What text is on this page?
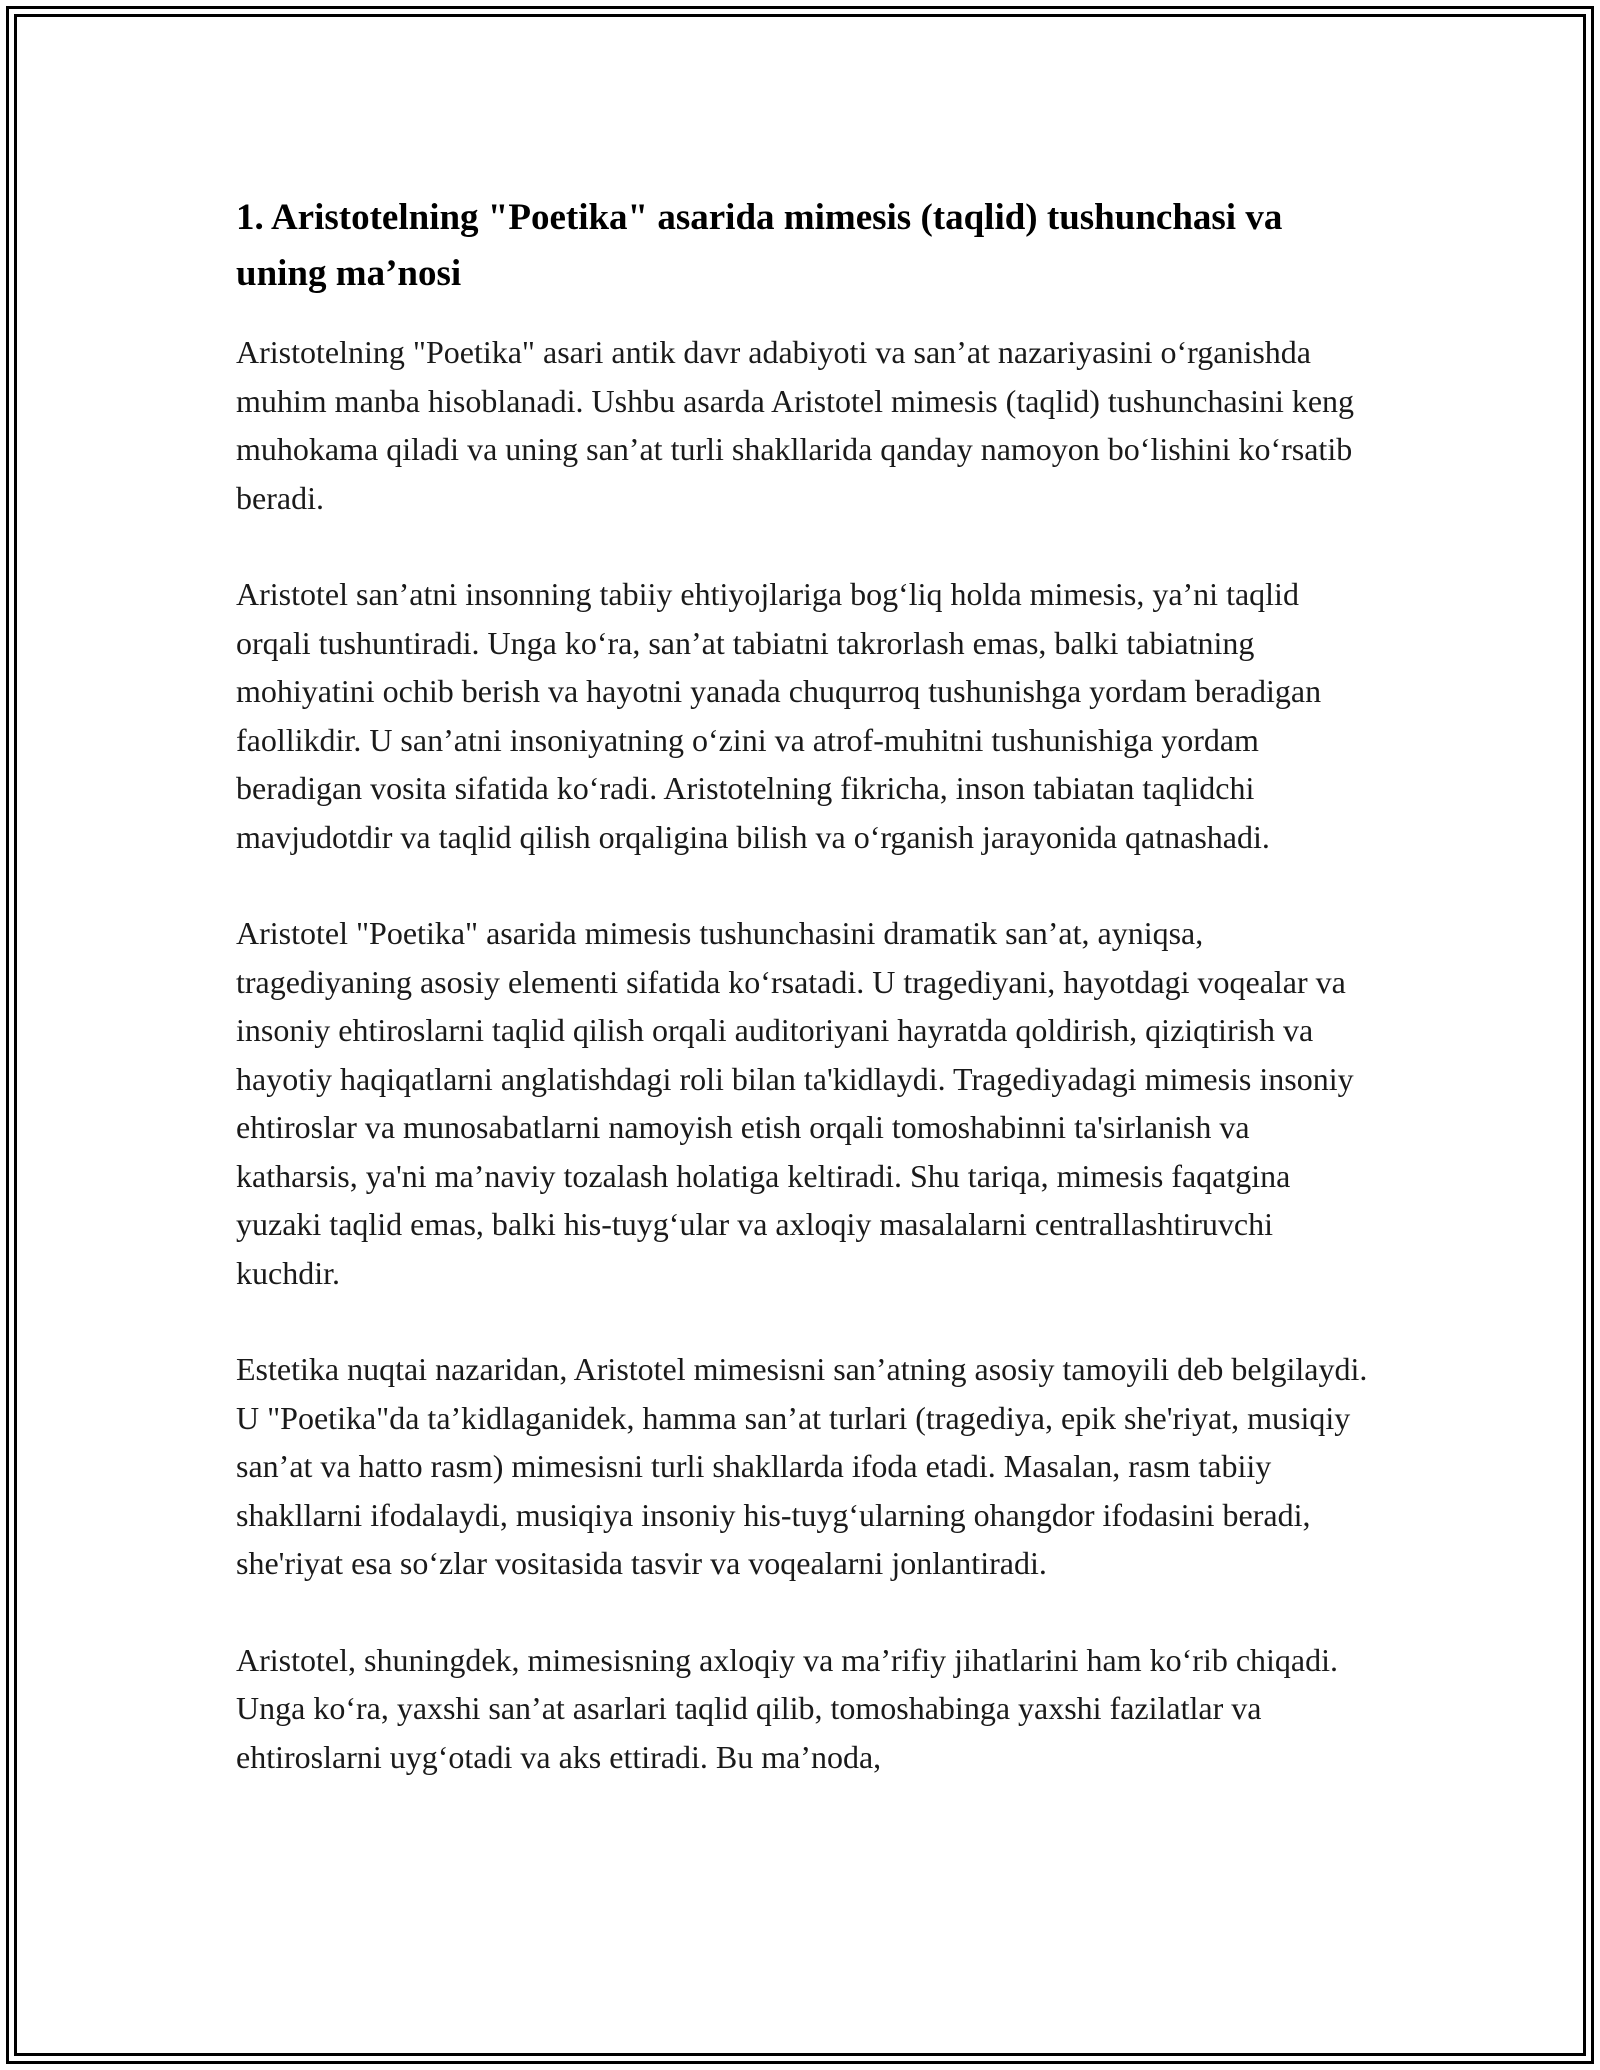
1. Aristotelning "Poetika" asarida mimesis (taqlid) tushunchasi va uning ma’nosi

Aristotelning "Poetika" asari antik davr adabiyoti va san’at nazariyasini o‘rganishda muhim manba hisoblanadi. Ushbu asarda Aristotel mimesis (taqlid) tushunchasini keng muhokama qiladi va uning san’at turli shakllarida qanday namoyon bo‘lishini ko‘rsatib beradi.

Aristotel san’atni insonning tabiiy ehtiyojlariga bog‘liq holda mimesis, ya’ni taqlid orqali tushuntiradi. Unga ko‘ra, san’at tabiatni takrorlash emas, balki tabiatning mohiyatini ochib berish va hayotni yanada chuqurroq tushunishga yordam beradigan faollikdir. U san’atni insoniyatning o‘zini va atrof-muhitni tushunishiga yordam beradigan vosita sifatida ko‘radi. Aristotelning fikricha, inson tabiatan taqlidchi mavjudotdir va taqlid qilish orqaligina bilish va o‘rganish jarayonida qatnashadi.

Aristotel "Poetika" asarida mimesis tushunchasini dramatik san’at, ayniqsa, tragediyaning asosiy elementi sifatida ko‘rsatadi. U tragediyani, hayotdagi voqealar va insoniy ehtiroslarni taqlid qilish orqali auditoriyani hayratda qoldirish, qiziqtirish va hayotiy haqiqatlarni anglatishdagi roli bilan ta'kidlaydi. Tragediyadagi mimesis insoniy ehtiroslar va munosabatlarni namoyish etish orqali tomoshabinni ta'sirlanish va katharsis, ya'ni ma’naviy tozalash holatiga keltiradi. Shu tariqa, mimesis faqatgina yuzaki taqlid emas, balki his-tuyg‘ular va axloqiy masalalarni centrallashtiruvchi kuchdir.

Estetika nuqtai nazaridan, Aristotel mimesisni san’atning asosiy tamoyili deb belgilaydi. U "Poetika"da ta’kidlaganidek, hamma san’at turlari (tragediya, epik she'riyat, musiqiy san’at va hatto rasm) mimesisni turli shakllarda ifoda etadi. Masalan, rasm tabiiy shakllarni ifodalaydi, musiqiya insoniy his-tuyg‘ularning ohangdor ifodasini beradi, she'riyat esa so‘zlar vositasida tasvir va voqealarni jonlantiradi.

Aristotel, shuningdek, mimesisning axloqiy va ma’rifiy jihatlarini ham ko‘rib chiqadi. Unga ko‘ra, yaxshi san’at asarlari taqlid qilib, tomoshabinga yaxshi fazilatlar va ehtiroslarni uyg‘otadi va aks ettiradi. Bu ma’noda,
